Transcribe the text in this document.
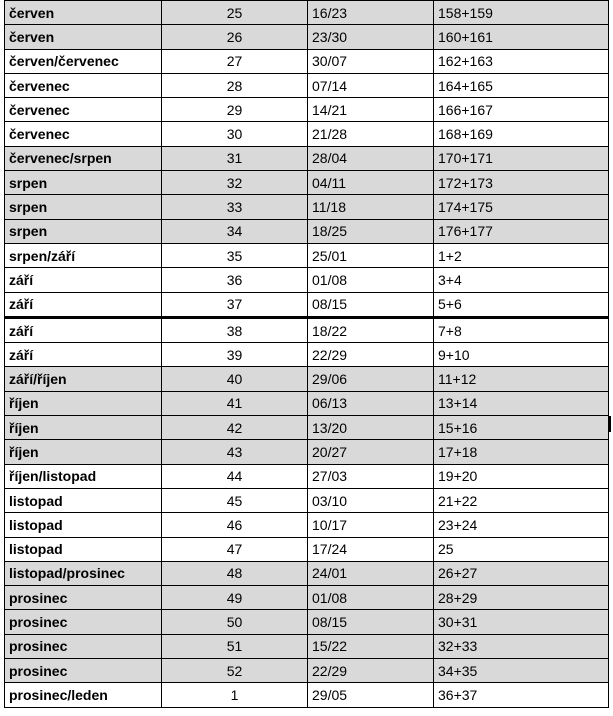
červen	25	16/23	158+159
červen	26	23/30	160+161
červen/červenec	27	30/07	162+163
červenec	28	07/14	164+165
červenec	29	14/21	166+167
červenec	30	21/28	168+169
červenec/srpen	31	28/04	170+171
srpen	32	04/11	172+173
srpen	33	11/18	174+175
srpen	34	18/25	176+177
srpen/září	35	25/01	1+2
září	36	01/08	3+4
září	37	08/15	5+6
září	38	18/22	7+8
září	39	22/29	9+10
září/říjen	40	29/06	11+12
říjen	41	06/13	13+14
říjen	42	13/20	15+16
říjen	43	20/27	17+18
říjen/listopad	44	27/03	19+20
listopad	45	03/10	21+22
listopad	46	10/17	23+24
listopad	47	17/24	25
listopad/prosinec	48	24/01	26+27
prosinec	49	01/08	28+29
prosinec	50	08/15	30+31
prosinec	51	15/22	32+33
prosinec	52	22/29	34+35
prosinec/leden	1	29/05	36+37
